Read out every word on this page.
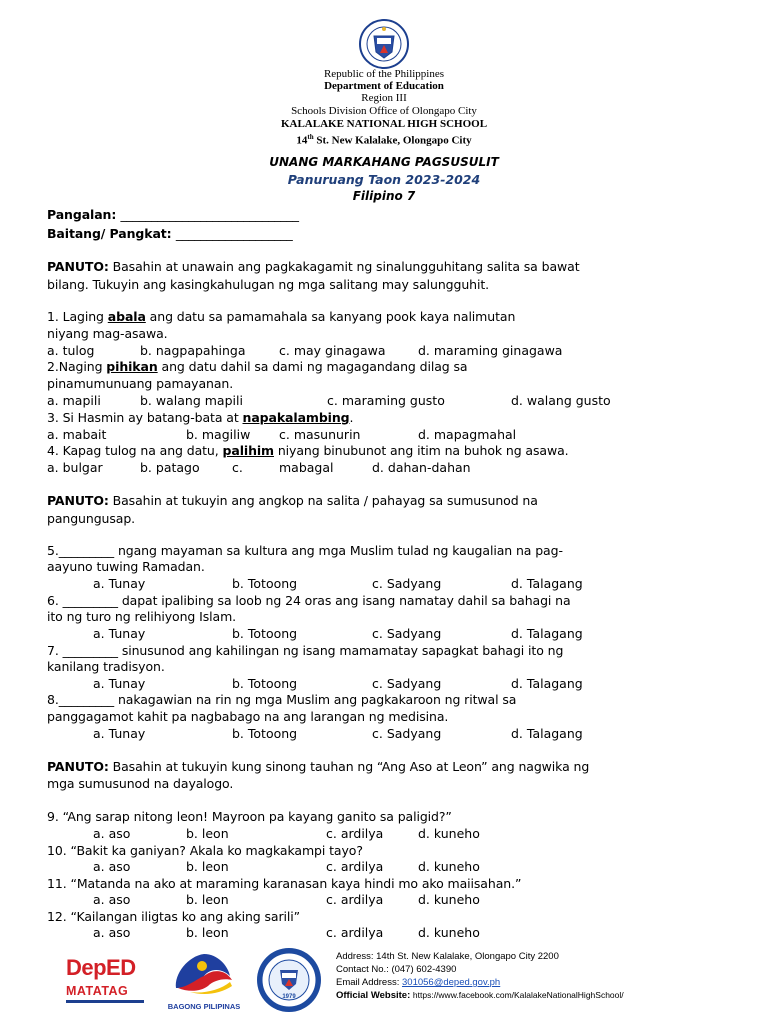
Republic of the Philippines
Department of Education
Region III
Schools Division Office of Olongapo City
KALALAKE NATIONAL HIGH SCHOOL
14th St. New Kalalake, Olongapo City
UNANG MARKAHANG PAGSUSULIT
Panuruang Taon 2023-2024
Filipino 7
Pangalan: _____________________________
Baitang/ Pangkat: ___________________
PANUTO: Basahin at unawain ang pagkakagamit ng sinalungguhitang salita sa bawat
bilang. Tukuyin ang kasingkahulugan ng mga salitang may salungguhit.
1. Laging abala ang datu sa pamamahala sa kanyang pook kaya nalimutan
niyang mag-asawa.
a. tulog	b. nagpapahinga	c. may ginagawa	d. maraming ginagawa
2.Naging pihikan ang datu dahil sa dami ng magagandang dilag sa
pinamumunuang pamayanan.
a. mapili	b. walang mapili	c. maraming gusto	d. walang gusto
3. Si Hasmin ay batang-bata at napakalambing.
a. mabait	b. magiliw c. masunurin	d. mapagmahal
4. Kapag tulog na ang datu, palihim niyang binubunot ang itim na buhok ng asawa.
a. bulgar	b. patago	c.	mabagal	d. dahan-dahan
PANUTO: Basahin at tukuyin ang angkop na salita / pahayag sa sumusunod na
pangungusap.
5._________ ngang mayaman sa kultura ang mga Muslim tulad ng kaugalian na pag-
aayuno tuwing Ramadan.
a. Tunay	b. Totoong	c. Sadyang	d. Talagang
6. _________ dapat ipalibing sa loob ng 24 oras ang isang namatay dahil sa bahagi na
ito ng turo ng relihiyong Islam.
a. Tunay	b. Totoong	c. Sadyang	d. Talagang
7. _________ sinusunod ang kahilingan ng isang mamamatay sapagkat bahagi ito ng
kanilang tradisyon.
a. Tunay	b. Totoong	c. Sadyang	d. Talagang
8._________ nakagawian na rin ng mga Muslim ang pagkakaroon ng ritwal sa
panggagamot kahit pa nagbabago na ang larangan ng medisina.
a. Tunay	b. Totoong	c. Sadyang	d. Talagang
PANUTO: Basahin at tukuyin kung sinong tauhan ng “Ang Aso at Leon” ang nagwika ng
mga sumusunod na dayalogo.
9. “Ang sarap nitong leon! Mayroon pa kayang ganito sa paligid?”
a. aso	b. leon	c. ardilya	d. kuneho
10. “Bakit ka ganiyan? Akala ko magkakampi tayo?
a. aso	b. leon	c. ardilya	d. kuneho
11. “Matanda na ako at maraming karanasan kaya hindi mo ako maiisahan.”
a. aso	b. leon	c. ardilya	d. kuneho
12. “Kailangan iligtas ko ang aking sarili”
a. aso	b. leon	c. ardilya	d. kuneho
DepED
MATATAG
BAGONG PILIPINAS
1979
Address: 14th St. New Kalalake, Olongapo City 2200
Contact No.: (047) 602-4390
Email Address: 301056@deped.gov.ph
Official Website: https://www.facebook.com/KalalakeNationalHighSchool/
